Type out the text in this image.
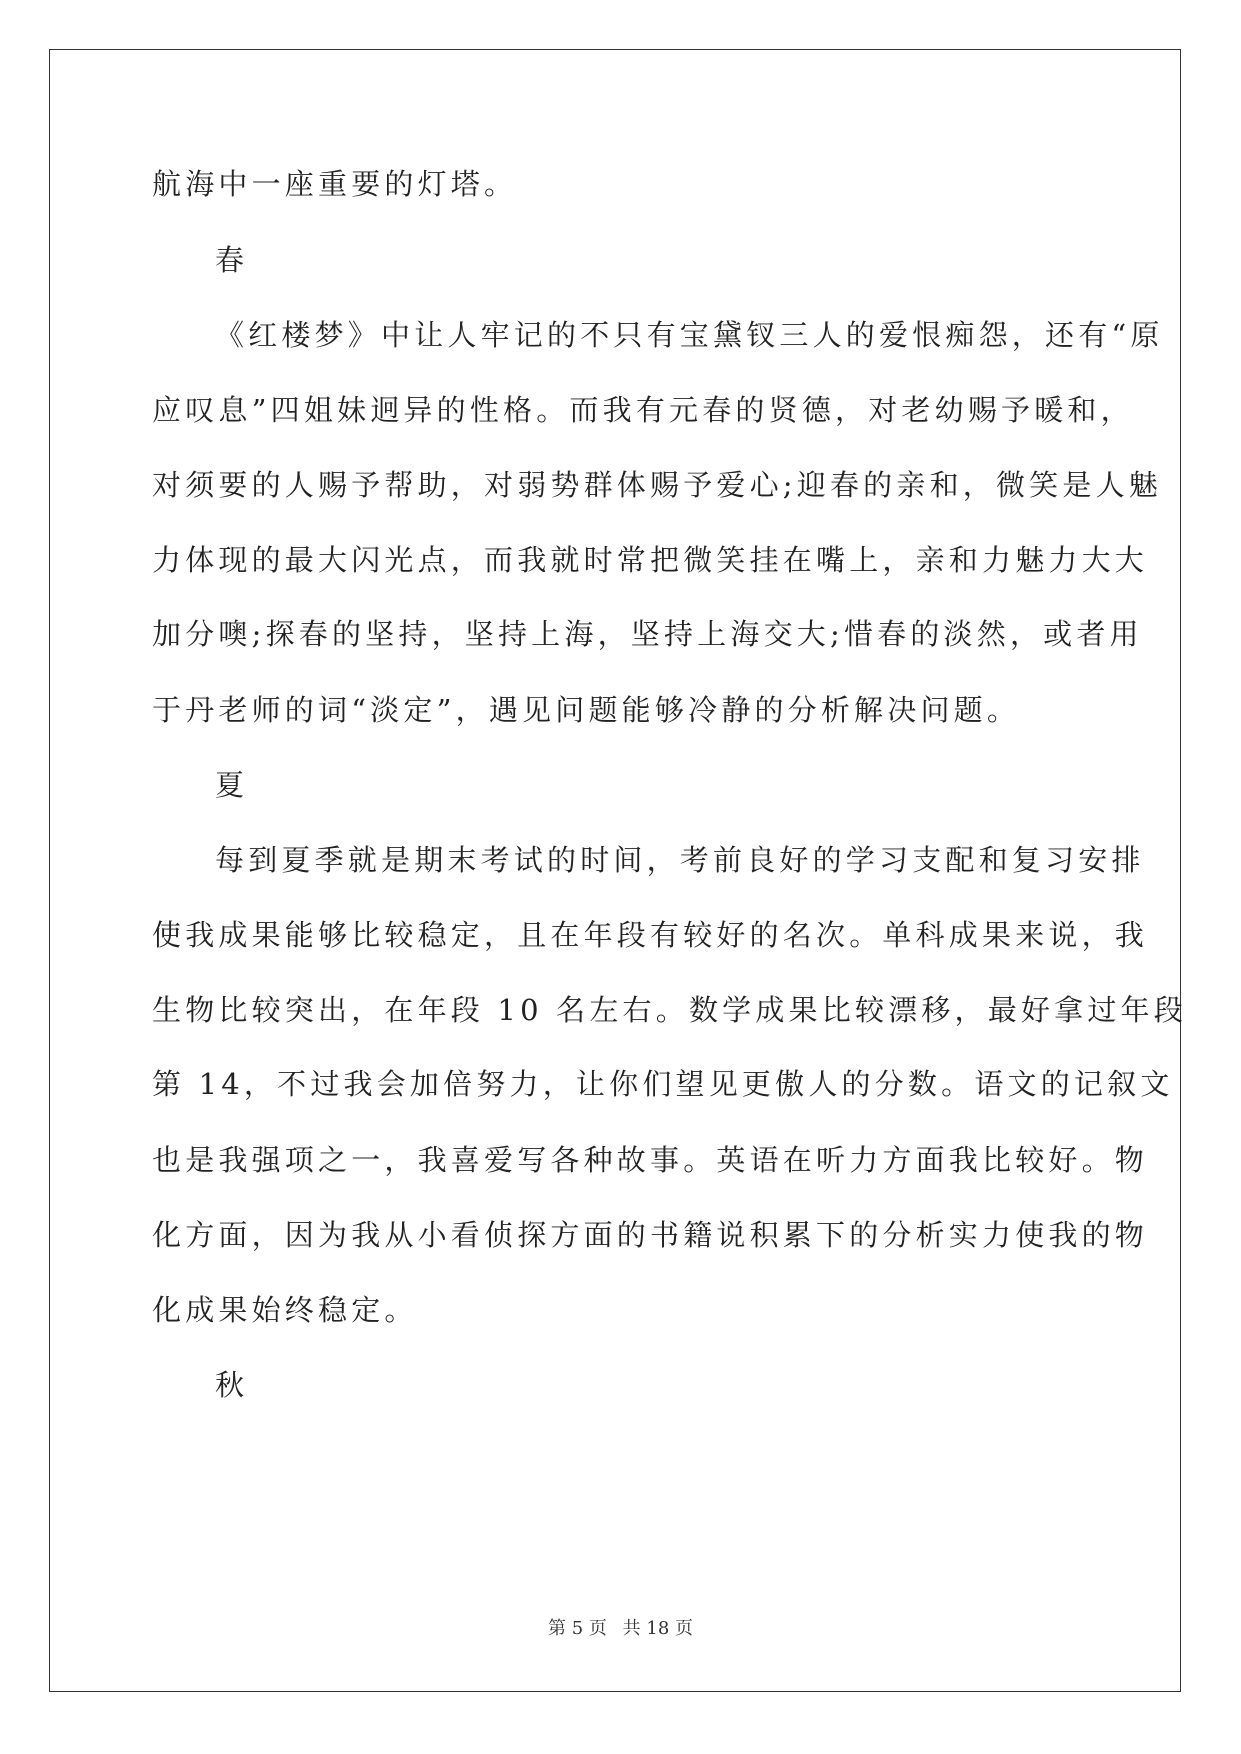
航海中一座重要的灯塔。
春
《红楼梦》中让人牢记的不只有宝黛钗三人的爱恨痴怨，还有“原
应叹息”四姐妹迥异的性格。而我有元春的贤德，对老幼赐予暖和，
对须要的人赐予帮助，对弱势群体赐予爱心;迎春的亲和，微笑是人魅
力体现的最大闪光点，而我就时常把微笑挂在嘴上，亲和力魅力大大
加分噢;探春的坚持，坚持上海，坚持上海交大;惜春的淡然，或者用
于丹老师的词“淡定”，遇见问题能够冷静的分析解决问题。
夏
每到夏季就是期末考试的时间，考前良好的学习支配和复习安排
使我成果能够比较稳定，且在年段有较好的名次。单科成果来说，我
生物比较突出，在年段 10 名左右。数学成果比较漂移，最好拿过年段
第 14，不过我会加倍努力，让你们望见更傲人的分数。语文的记叙文
也是我强项之一，我喜爱写各种故事。英语在听力方面我比较好。物
化方面，因为我从小看侦探方面的书籍说积累下的分析实力使我的物
化成果始终稳定。
秋
第 5 页 共 18 页
